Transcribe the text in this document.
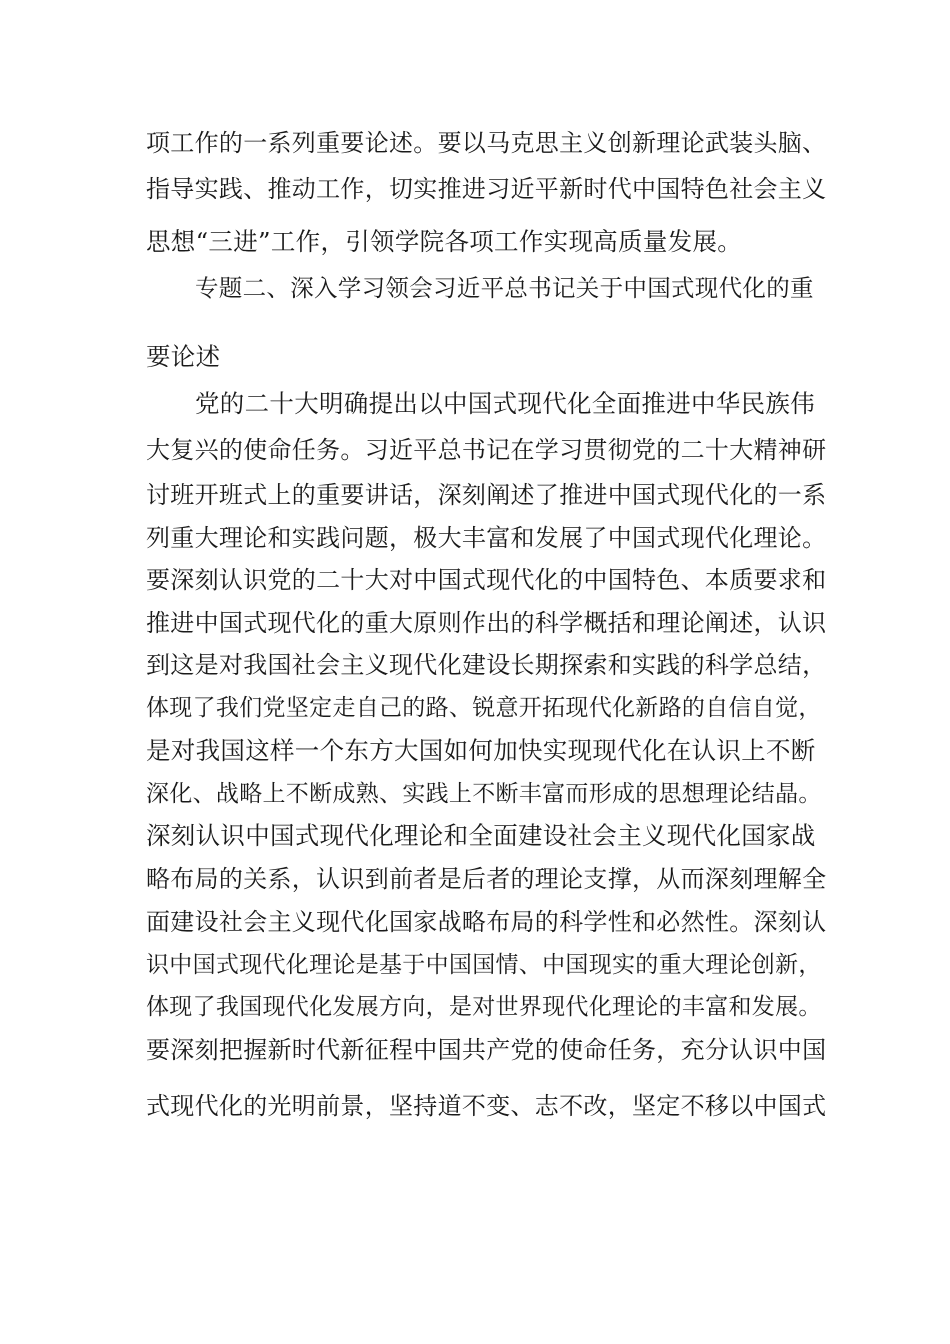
项工作的一系列重要论述。要以马克思主义创新理论武装头脑、
指导实践、推动工作，切实推进习近平新时代中国特色社会主义
思想“三进”工作，引领学院各项工作实现高质量发展。
专题二、深入学习领会习近平总书记关于中国式现代化的重
要论述
党的二十大明确提出以中国式现代化全面推进中华民族伟
大复兴的使命任务。习近平总书记在学习贯彻党的二十大精神研
讨班开班式上的重要讲话，深刻阐述了推进中国式现代化的一系
列重大理论和实践问题，极大丰富和发展了中国式现代化理论。
要深刻认识党的二十大对中国式现代化的中国特色、本质要求和
推进中国式现代化的重大原则作出的科学概括和理论阐述，认识
到这是对我国社会主义现代化建设长期探索和实践的科学总结，
体现了我们党坚定走自己的路、锐意开拓现代化新路的自信自觉，
是对我国这样一个东方大国如何加快实现现代化在认识上不断
深化、战略上不断成熟、实践上不断丰富而形成的思想理论结晶。
深刻认识中国式现代化理论和全面建设社会主义现代化国家战
略布局的关系，认识到前者是后者的理论支撑，从而深刻理解全
面建设社会主义现代化国家战略布局的科学性和必然性。深刻认
识中国式现代化理论是基于中国国情、中国现实的重大理论创新，
体现了我国现代化发展方向，是对世界现代化理论的丰富和发展。
要深刻把握新时代新征程中国共产党的使命任务，充分认识中国
式现代化的光明前景，坚持道不变、志不改，坚定不移以中国式
